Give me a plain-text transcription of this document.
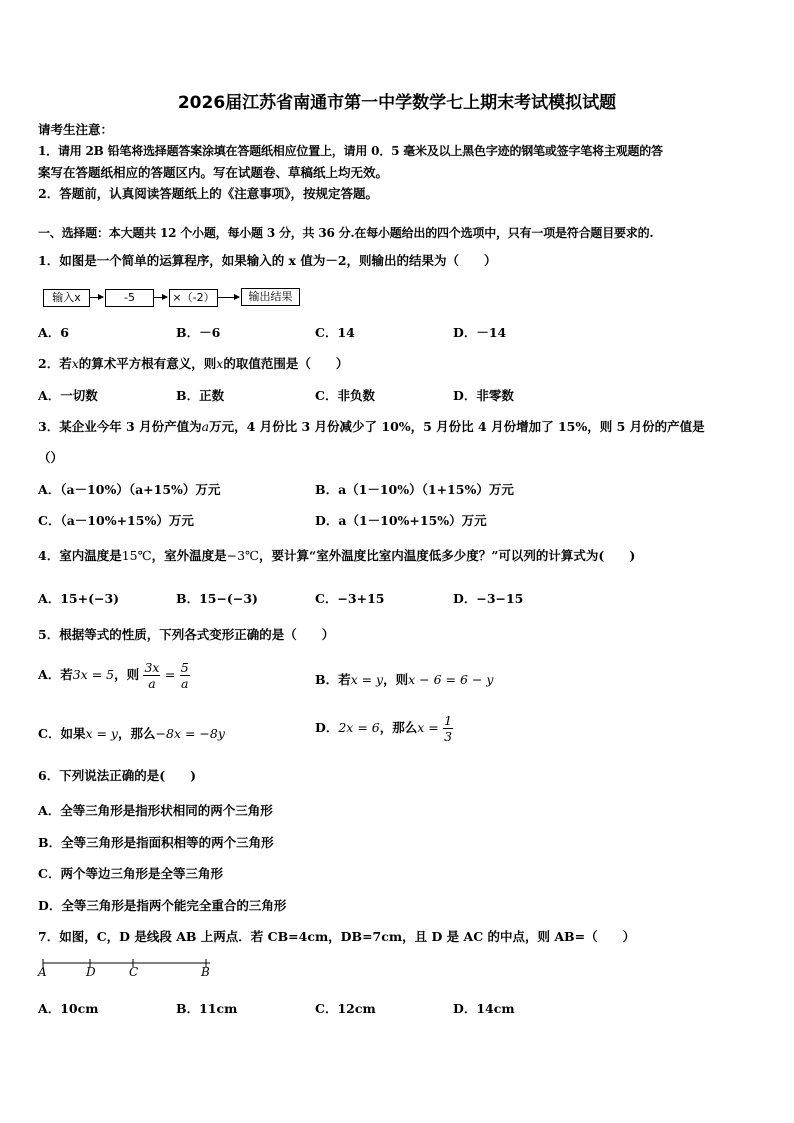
2026届江苏省南通市第一中学数学七上期末考试模拟试题
请考生注意：
1．请用 2B 铅笔将选择题答案涂填在答题纸相应位置上，请用 0．5 毫米及以上黑色字迹的钢笔或签字笔将主观题的答
案写在答题纸相应的答题区内。写在试题卷、草稿纸上均无效。
2．答题前，认真阅读答题纸上的《注意事项》，按规定答题。
一、选择题：本大题共 12 个小题，每小题 3 分，共 36 分.在每小题给出的四个选项中，只有一项是符合题目要求的.
1．如图是一个简单的运算程序，如果输入的 x 值为－2，则输出的结果为（　　）
输入x	-5	×（-2）	输出结果
A．6	B．－6	C．14	D．－14
2．若x的算术平方根有意义，则x的取值范围是（　　）
A．一切数	B．正数	C．非负数	D．非零数
3．某企业今年 3 月份产值为a万元，4 月份比 3 月份减少了 10%，5 月份比 4 月份增加了 15%，则 5 月份的产值是
（）
A．（a－10%）（a+15%）万元	B．a（1－10%）（1+15%）万元
C．（a－10%+15%）万元	D．a（1－10%+15%）万元
4．室内温度是15℃，室外温度是−3℃，要计算“室外温度比室内温度低多少度？”可以列的计算式为(　　)
A．15+(−3)	B．15−(−3)	C．−3+15	D．−3−15
5．根据等式的性质，下列各式变形正确的是（　　）
A．若3x = 5，则 $\frac{3x}{a} = \frac{5}{a}$	B．若x = y，则x − 6 = 6 − y
C．如果x = y，那么−8x = −8y	D．2x = 6，那么$x = \frac{1}{3}$
6．下列说法正确的是(　　)
A．全等三角形是指形状相同的两个三角形
B．全等三角形是指面积相等的两个三角形
C．两个等边三角形是全等三角形
D．全等三角形是指两个能完全重合的三角形
7．如图，C，D 是线段 AB 上两点．若 CB=4cm，DB=7cm，且 D 是 AC 的中点，则 AB=（　　）
A	D	C	B
A．10cm	B．11cm	C．12cm	D．14cm
